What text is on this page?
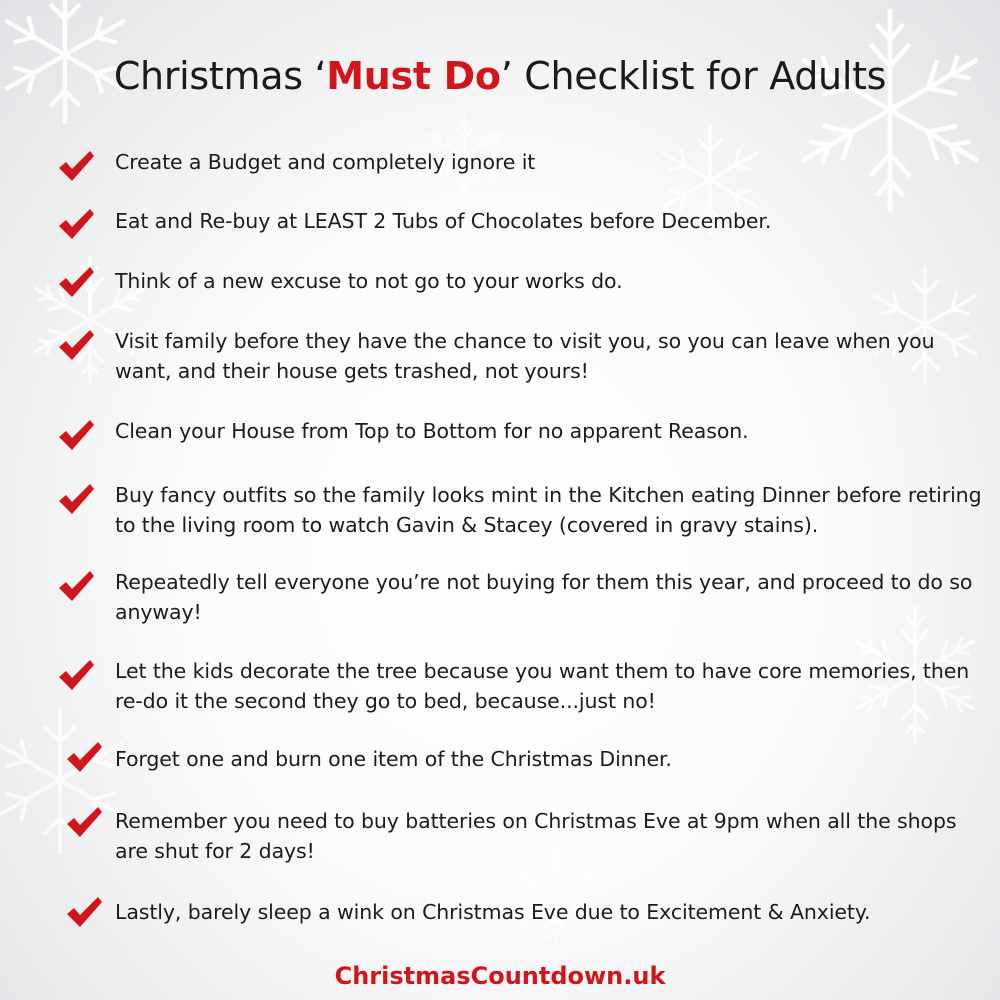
Christmas ‘Must Do’ Checklist for Adults
Create a Budget and completely ignore it
Eat and Re-buy at LEAST 2 Tubs of Chocolates before December.
Think of a new excuse to not go to your works do.
Visit family before they have the chance to visit you, so you can leave when you want, and their house gets trashed, not yours!
Clean your House from Top to Bottom for no apparent Reason.
Buy fancy outfits so the family looks mint in the Kitchen eating Dinner before retiring to the living room to watch Gavin & Stacey (covered in gravy stains).
Repeatedly tell everyone you’re not buying for them this year, and proceed to do so anyway!
Let the kids decorate the tree because you want them to have core memories, then re-do it the second they go to bed, because...just no!
Forget one and burn one item of the Christmas Dinner.
Remember you need to buy batteries on Christmas Eve at 9pm when all the shops are shut for 2 days!
Lastly, barely sleep a wink on Christmas Eve due to Excitement & Anxiety.
ChristmasCountdown.uk
